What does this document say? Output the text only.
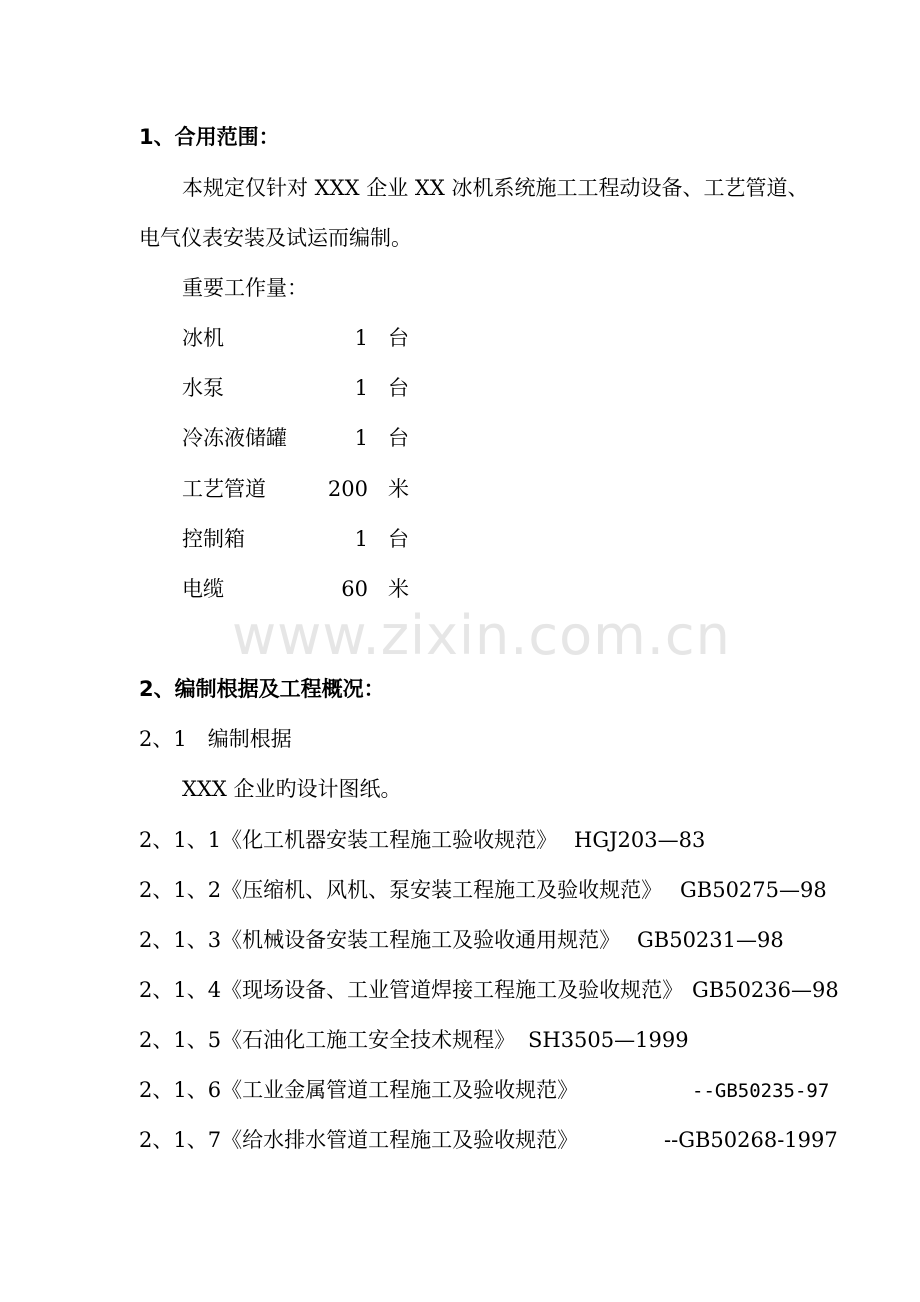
1、合用范围：
本规定仅针对 XXX 企业 XX 冰机系统施工工程动设备、工艺管道、
电气仪表安装及试运而编制。
重要工作量：
冰机	1 台
水泵	1 台
冷冻液储罐	1 台
工艺管道	200 米
控制箱	1 台
电缆	60 米
www.zixin.com.cn
2、编制根据及工程概况：
2、1　编制根据
XXX 企业旳设计图纸。
2、1、1《化工机器安装工程施工验收规范》 HGJ203—83
2、1、2《压缩机、风机、泵安装工程施工及验收规范》 GB50275—98
2、1、3《机械设备安装工程施工及验收通用规范》 GB50231—98
2、1、4《现场设备、工业管道焊接工程施工及验收规范》 GB50236—98
2、1、5《石油化工施工安全技术规程》 SH3505—1999
2、1、6《工业金属管道工程施工及验收规范》	--GB50235-97
2、1、7《给水排水管道工程施工及验收规范》	--GB50268-1997
